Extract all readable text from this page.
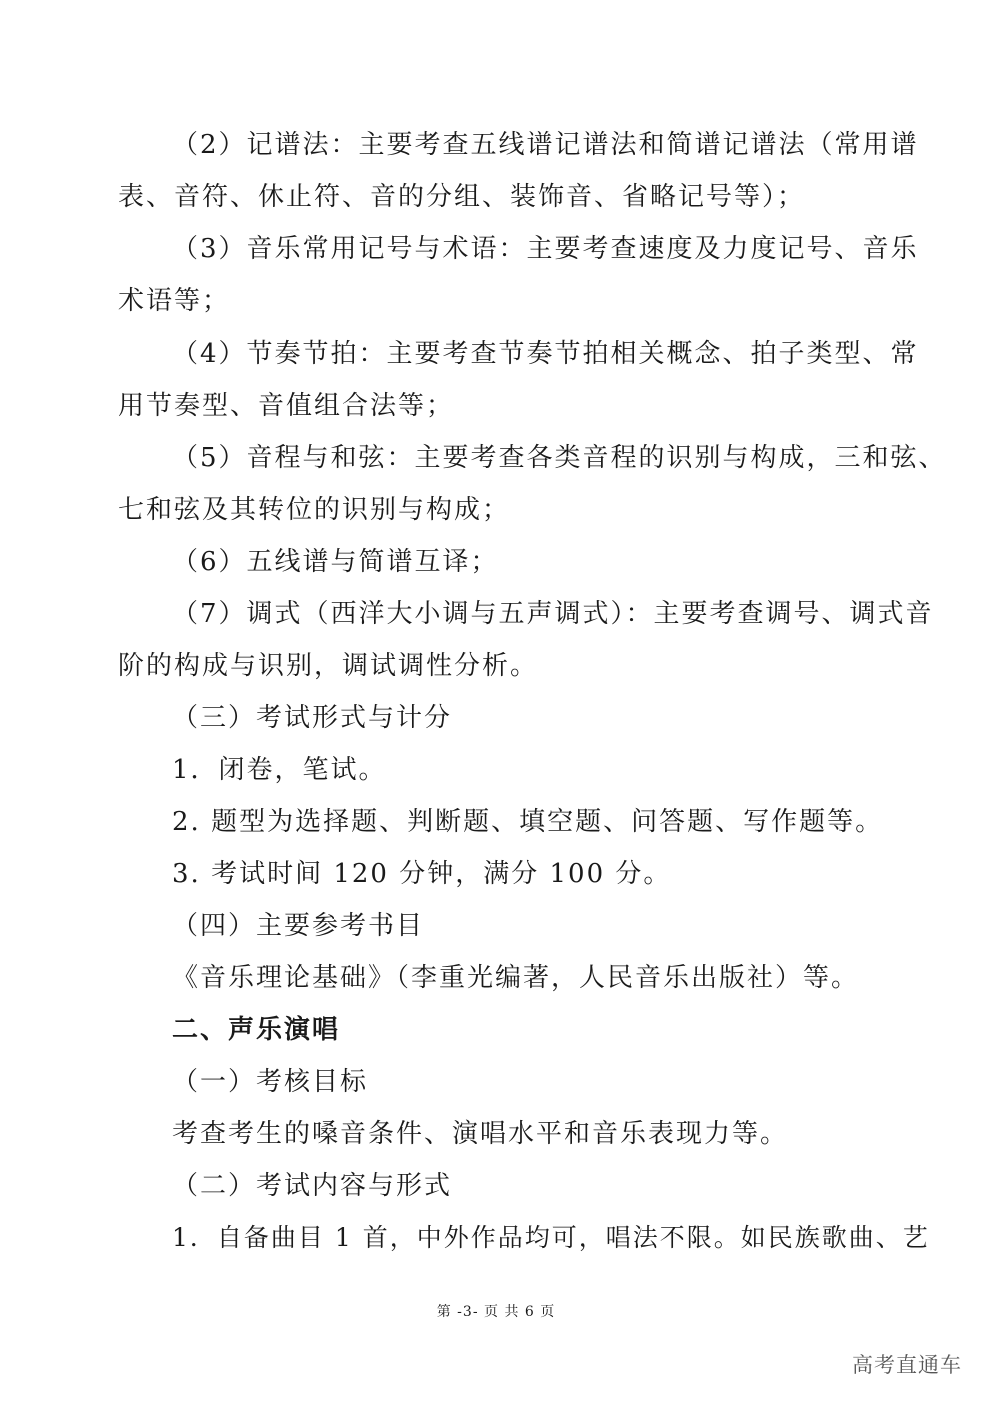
（2）记谱法：主要考查五线谱记谱法和简谱记谱法（常用谱
表、音符、休止符、音的分组、装饰音、省略记号等）；
（3）音乐常用记号与术语：主要考查速度及力度记号、音乐
术语等；
（4）节奏节拍：主要考查节奏节拍相关概念、拍子类型、常
用节奏型、音值组合法等；
（5）音程与和弦：主要考查各类音程的识别与构成，三和弦、
七和弦及其转位的识别与构成；
（6）五线谱与简谱互译；
（7）调式（西洋大小调与五声调式）：主要考查调号、调式音
阶的构成与识别，调试调性分析。
（三）考试形式与计分
1．闭卷，笔试。
2. 题型为选择题、判断题、填空题、问答题、写作题等。
3. 考试时间 120 分钟，满分 100 分。
（四）主要参考书目
《音乐理论基础》（李重光编著，人民音乐出版社）等。
二、声乐演唱
（一）考核目标
考查考生的嗓音条件、演唱水平和音乐表现力等。
（二）考试内容与形式
1．自备曲目 1 首，中外作品均可，唱法不限。如民族歌曲、艺
第 -3- 页 共 6 页
高考直通车
